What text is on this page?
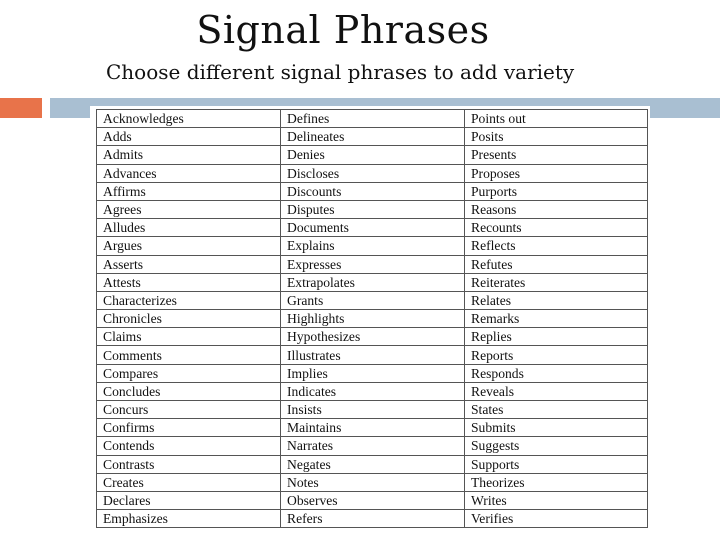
Signal Phrases
Choose different signal phrases to add variety
Acknowledges	Defines	Points out
Adds	Delineates	Posits
Admits	Denies	Presents
Advances	Discloses	Proposes
Affirms	Discounts	Purports
Agrees	Disputes	Reasons
Alludes	Documents	Recounts
Argues	Explains	Reflects
Asserts	Expresses	Refutes
Attests	Extrapolates	Reiterates
Characterizes	Grants	Relates
Chronicles	Highlights	Remarks
Claims	Hypothesizes	Replies
Comments	Illustrates	Reports
Compares	Implies	Responds
Concludes	Indicates	Reveals
Concurs	Insists	States
Confirms	Maintains	Submits
Contends	Narrates	Suggests
Contrasts	Negates	Supports
Creates	Notes	Theorizes
Declares	Observes	Writes
Emphasizes	Refers	Verifies
